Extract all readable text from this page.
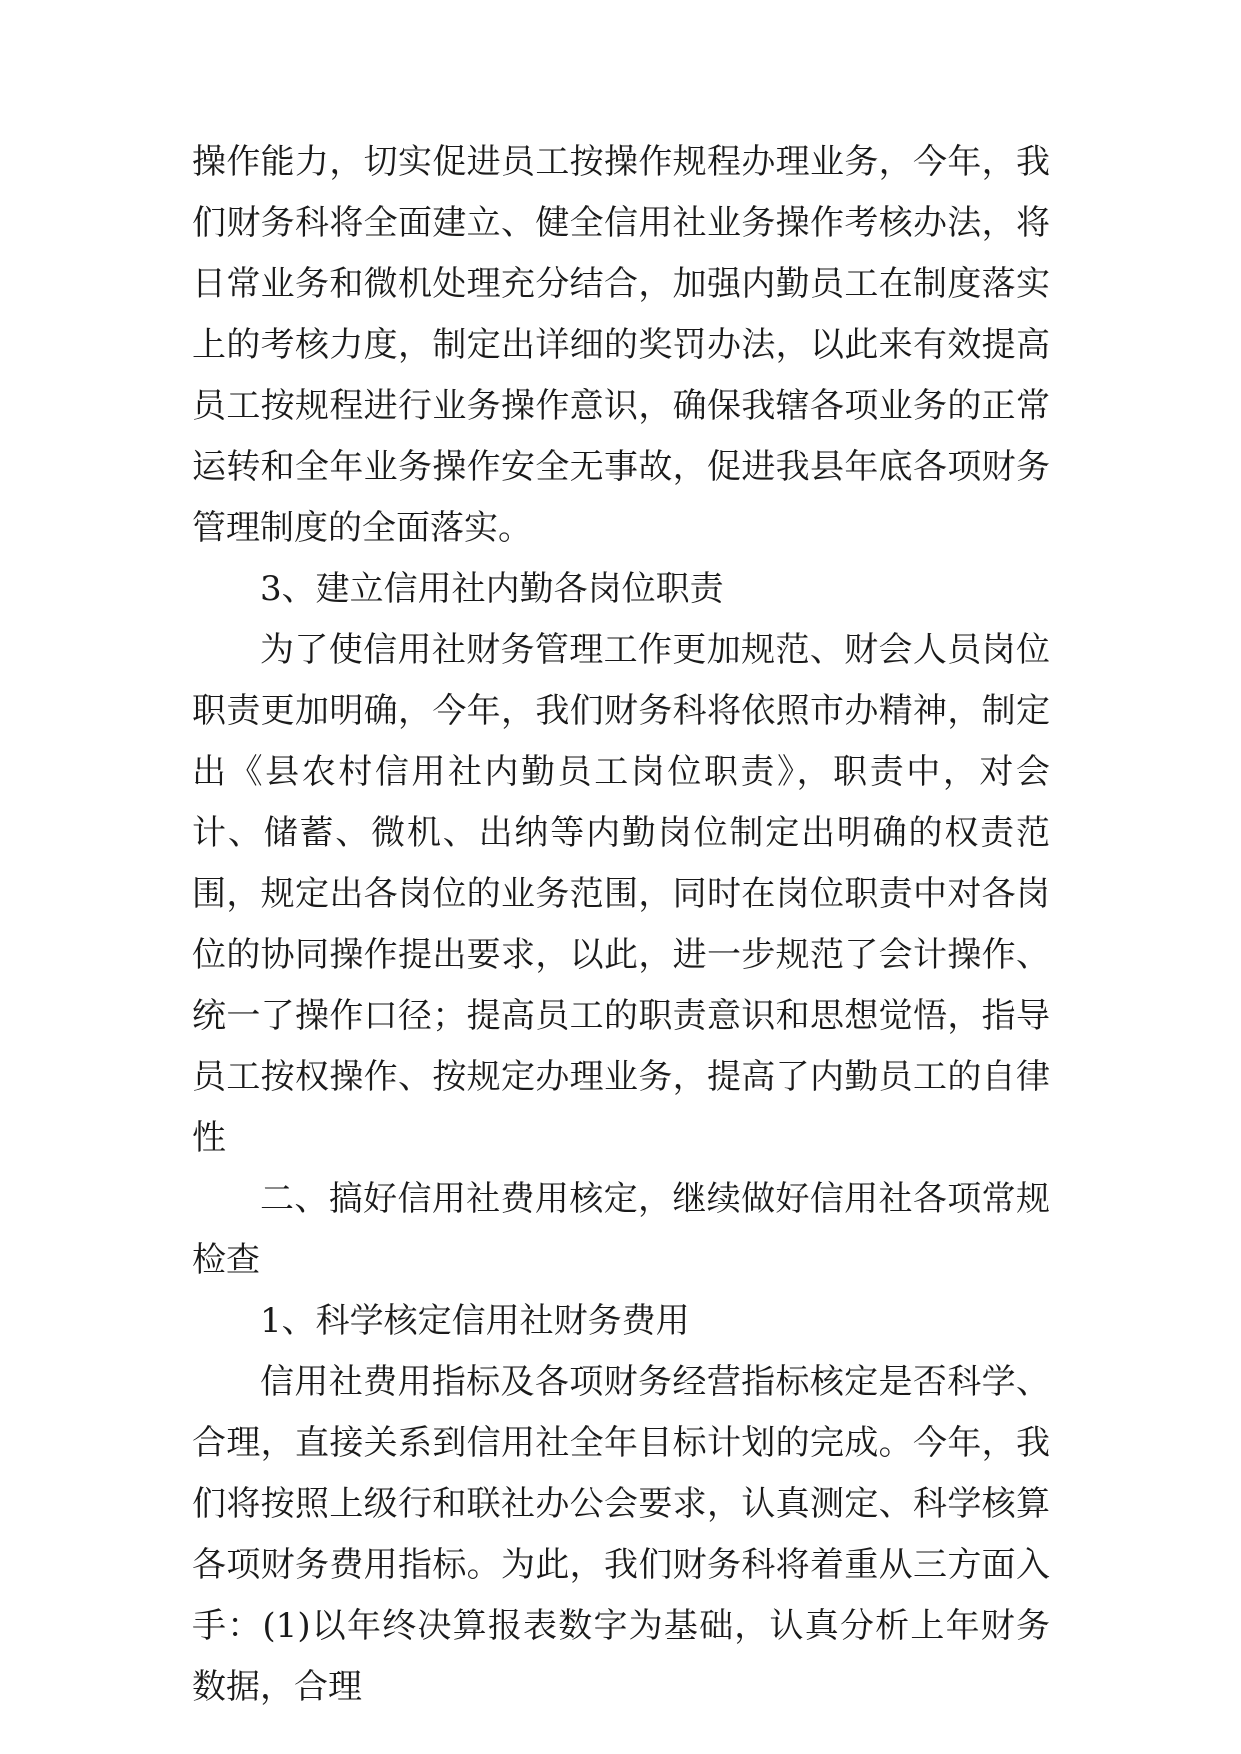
操作能力，切实促进员工按操作规程办理业务，今年，我们财务科将全面建立、健全信用社业务操作考核办法，将日常业务和微机处理充分结合，加强内勤员工在制度落实上的考核力度，制定出详细的奖罚办法，以此来有效提高员工按规程进行业务操作意识，确保我辖各项业务的正常运转和全年业务操作安全无事故，促进我县年底各项财务管理制度的全面落实。

3、建立信用社内勤各岗位职责

为了使信用社财务管理工作更加规范、财会人员岗位职责更加明确，今年，我们财务科将依照市办精神，制定出《县农村信用社内勤员工岗位职责》，职责中，对会计、储蓄、微机、出纳等内勤岗位制定出明确的权责范围，规定出各岗位的业务范围，同时在岗位职责中对各岗位的协同操作提出要求，以此，进一步规范了会计操作、统一了操作口径；提高员工的职责意识和思想觉悟，指导员工按权操作、按规定办理业务，提高了内勤员工的自律性

二、搞好信用社费用核定，继续做好信用社各项常规检查

1、科学核定信用社财务费用

信用社费用指标及各项财务经营指标核定是否科学、合理，直接关系到信用社全年目标计划的完成。今年，我们将按照上级行和联社办公会要求，认真测定、科学核算各项财务费用指标。为此，我们财务科将着重从三方面入手：(1)以年终决算报表数字为基础，认真分析上年财务数据，合理
